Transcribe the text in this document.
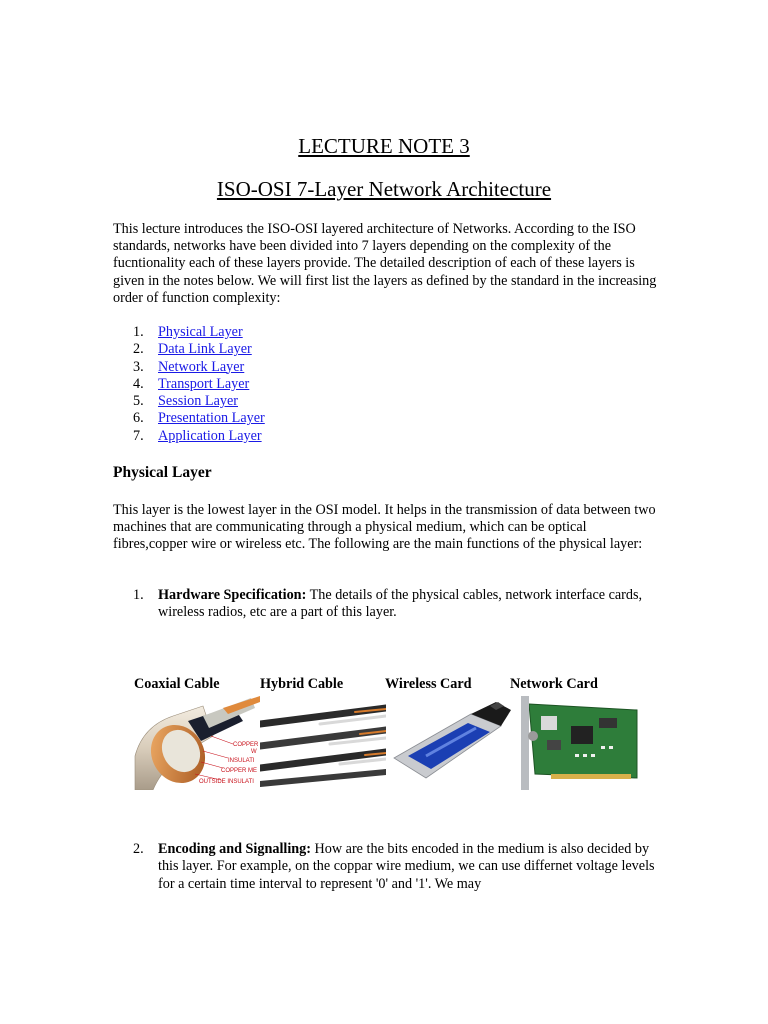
LECTURE NOTE 3
ISO-OSI 7-Layer Network Architecture

This lecture introduces the ISO-OSI layered architecture of Networks. According to the ISO standards, networks have been divided into 7 layers depending on the complexity of the fucntionality each of these layers provide. The detailed description of each of these layers is given in the notes below. We will first list the layers as defined by the standard in the increasing order of function complexity:

1. Physical Layer
2. Data Link Layer
3. Network Layer
4. Transport Layer
5. Session Layer
6. Presentation Layer
7. Application Layer
Physical Layer

This layer is the lowest layer in the OSI model. It helps in the transmission of data between two machines that are communicating through a physical medium, which can be optical fibres,copper wire or wireless etc. The following are the main functions of the physical layer:

1. Hardware Specification: The details of the physical cables, network interface cards, wireless radios, etc are a part of this layer.
Coaxial Cable	Hybrid Cable	Wireless Card	Network Card
COPPER
W
INSULATI
COPPER ME
OUTSIDE INSULATI
2. Encoding and Signalling: How are the bits encoded in the medium is also decided by this layer. For example, on the coppar wire medium, we can use differnet voltage levels for a certain time interval to represent '0' and '1'. We may
